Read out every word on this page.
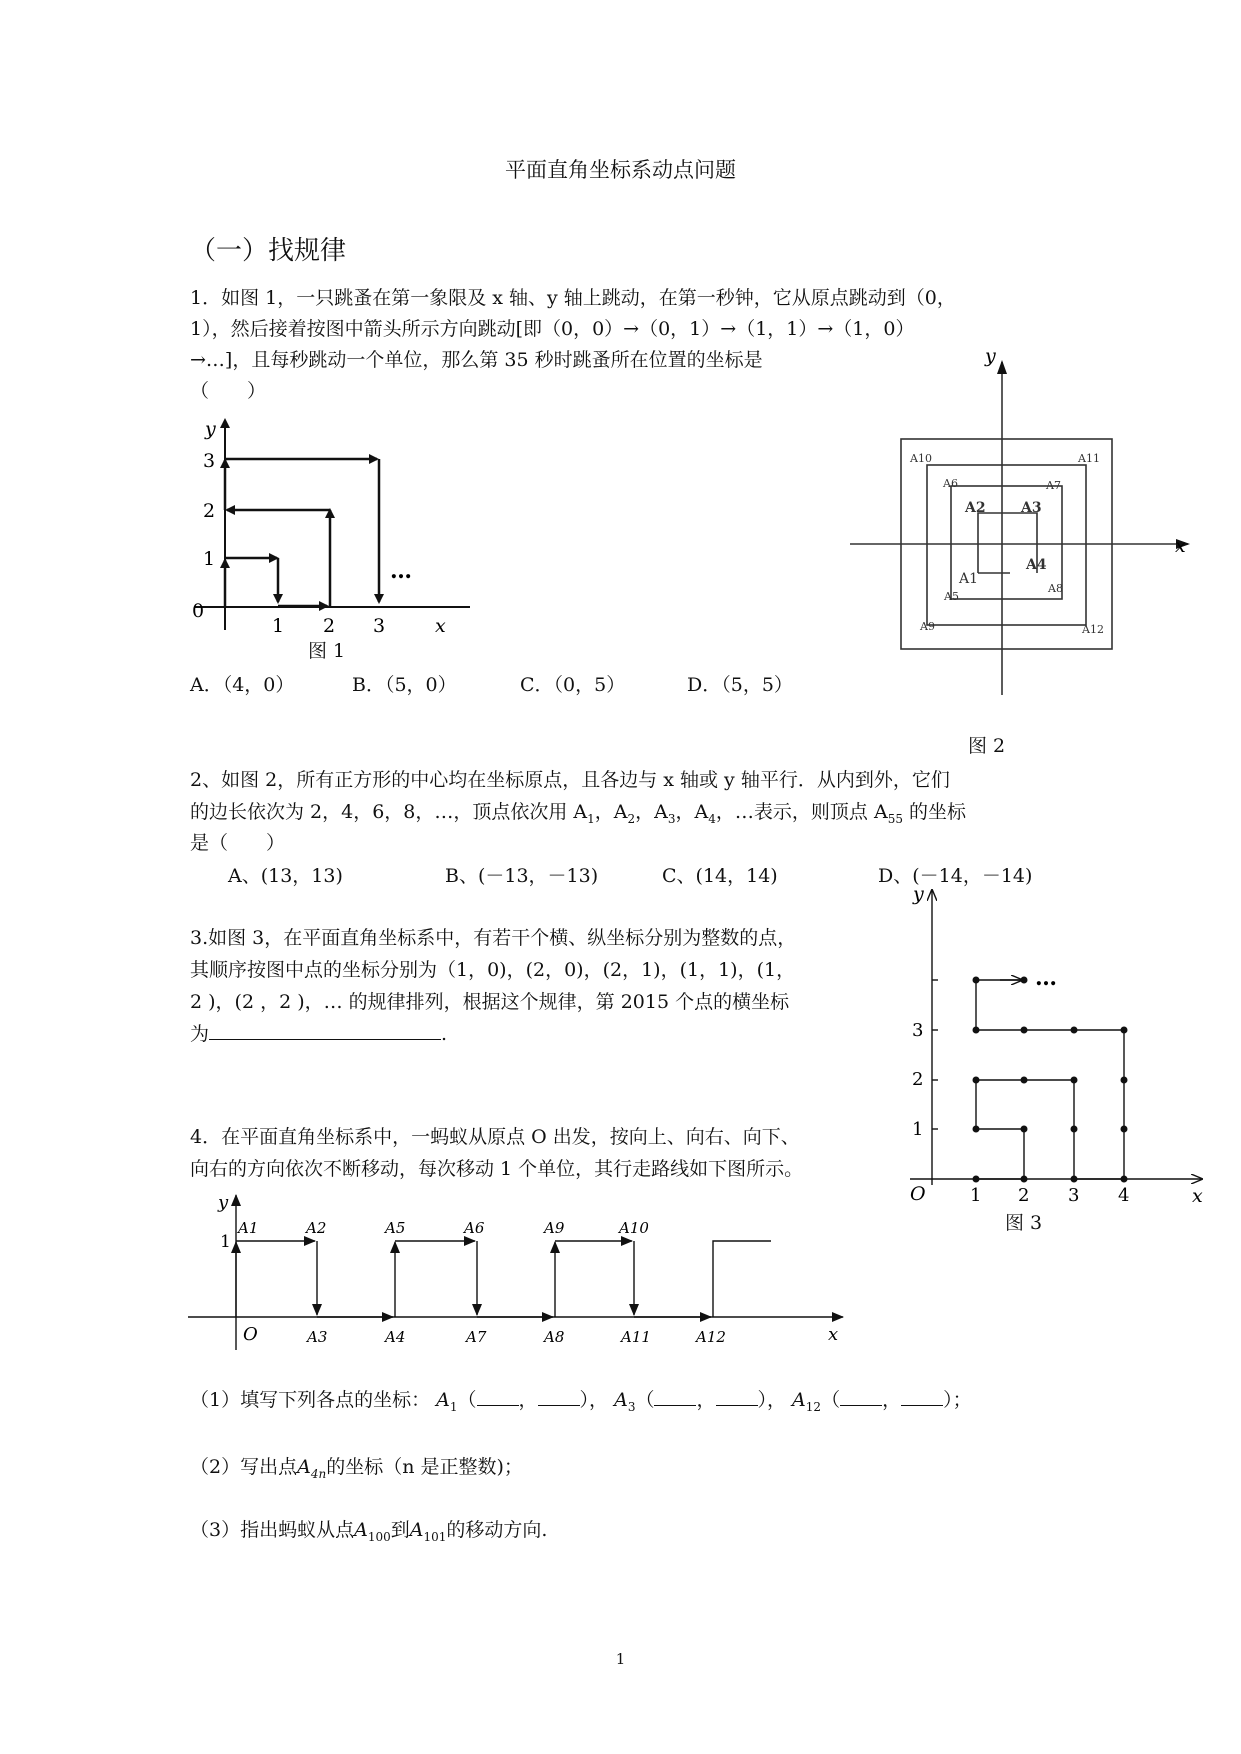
平面直角坐标系动点问题
（一）找规律
1．如图 1，一只跳蚤在第一象限及 x 轴、y 轴上跳动，在第一秒钟，它从原点跳动到（0，
1），然后接着按图中箭头所示方向跳动[即（0，0）→（0，1）→（1，1）→（1，0）
→…]，且每秒跳动一个单位，那么第 35 秒时跳蚤所在位置的坐标是
（　　）
…
0
1 2 3
1
2
3
y
x
图 1
A．（4，0）	B．（5，0）	C．（0，5）	D．（5，5）
y
x
A1
A2	A3
A4
A5
A6	A7
A8
A9
A10	A11
A12
图 2
2、如图 2，所有正方形的中心均在坐标原点，且各边与 x 轴或 y 轴平行．从内到外，它们
的边长依次为 2，4，6，8，…，顶点依次用 $A_1$，$A_2$，$A_3$，$A_4$，…表示，则顶点 $A_{55}$ 的坐标
是（　　）
A、(13，13)	B、(－13，－13)	C、(14，14)	D、(－14，－14)
…
y
x
O 1 2 3 4
1
2
3
图 3
3.如图 3，在平面直角坐标系中，有若干个横、纵坐标分别为整数的点，
其顺序按图中点的坐标分别为（1，0)，(2，0)，(2，1)，(1，1)，(1，
2 )，(2 ，2 )，… 的规律排列，根据这个规律，第 2015 个点的横坐标
为	.
4．在平面直角坐标系中，一蚂蚁从原点 O 出发，按向上、向右、向下、
向右的方向依次不断移动，每次移动 1 个单位，其行走路线如下图所示。
y
x
O
1
A1	A2	A5	A6	A9	A10
A3	A4	A7	A8	A11	A12
（1）填写下列各点的坐标： $A_1$（ ， ）， $A_3$（ ， ）， $A_{12}$（ ， ）；
（2）写出点$A_{4n}$的坐标（n 是正整数)；
（3）指出蚂蚁从点$A_{100}$到$A_{101}$的移动方向.
1
